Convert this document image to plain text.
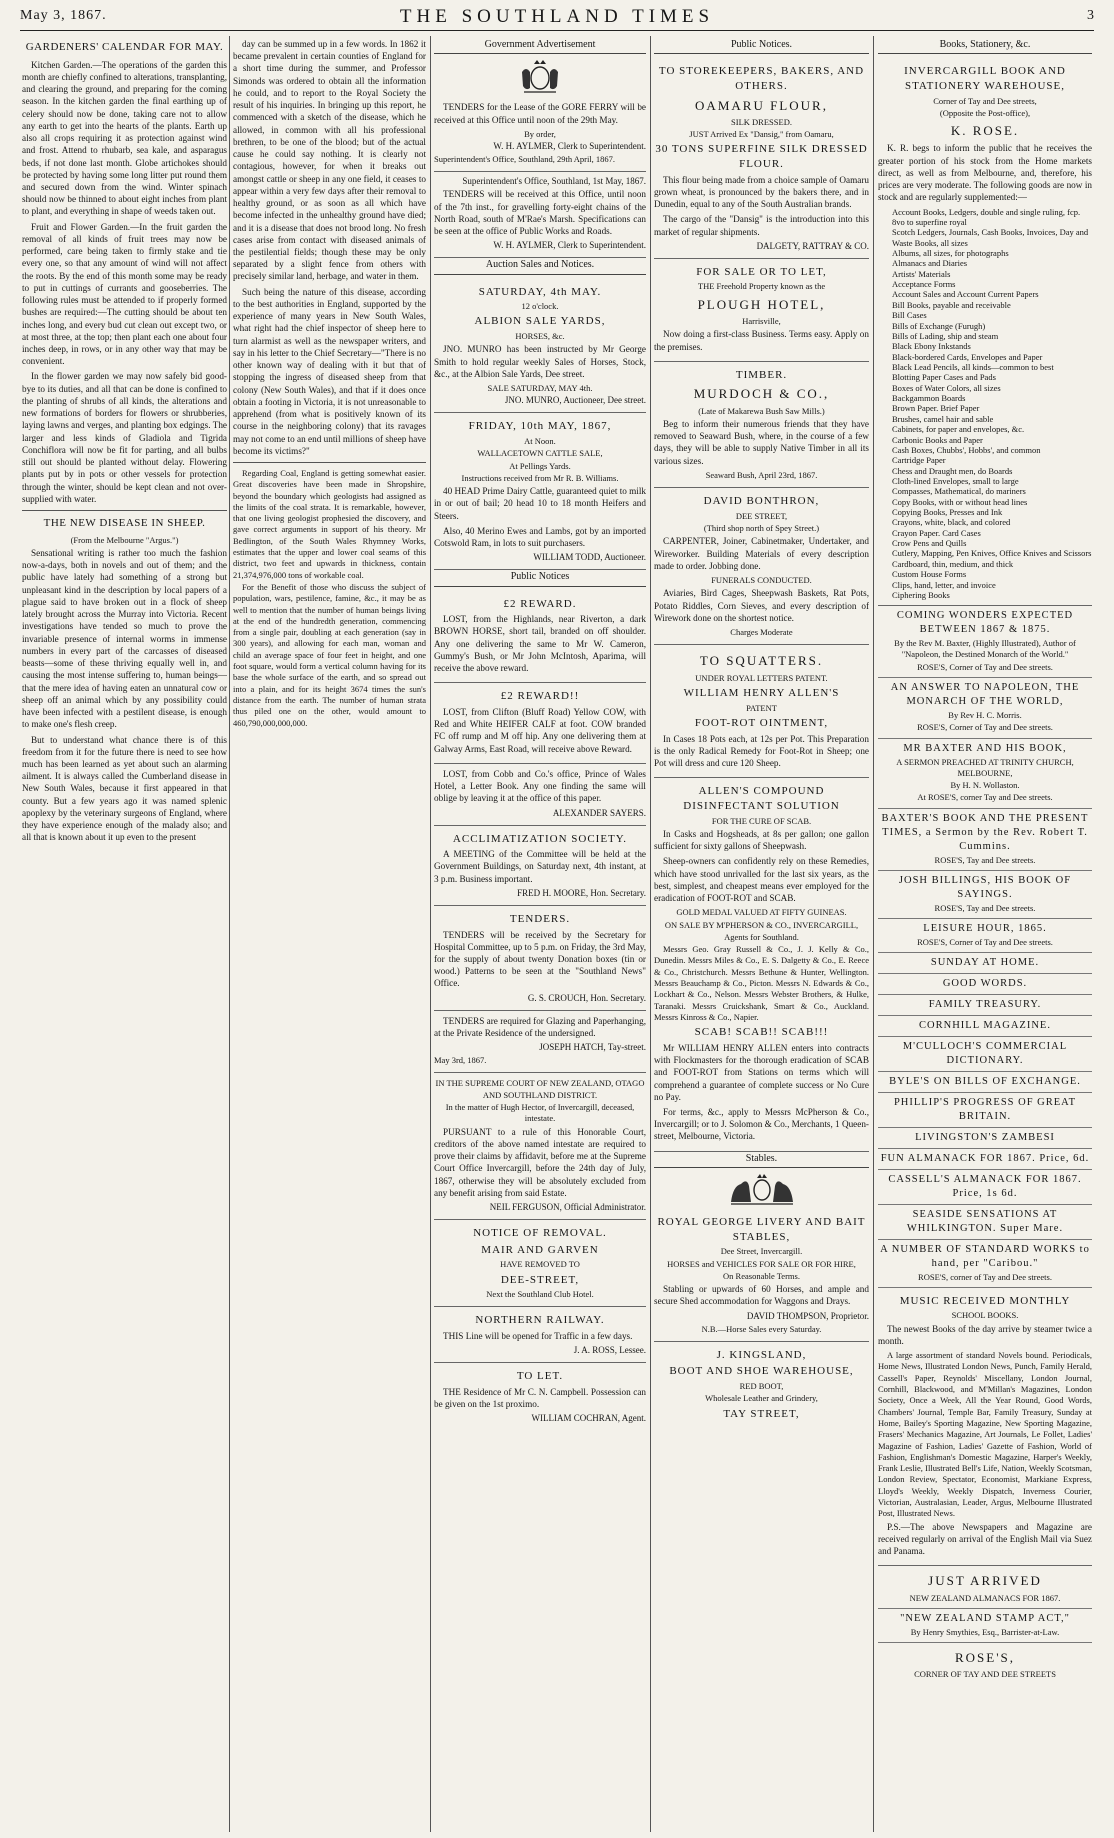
May 3, 1867.	THE SOUTHLAND TIMES	3
GARDENERS' CALENDAR FOR MAY.

Kitchen Garden.—The operations of the garden this month are chiefly confined to alterations, transplanting, and clearing the ground, and preparing for the coming season. In the kitchen garden the final earthing up of celery should now be done, taking care not to allow any earth to get into the hearts of the plants. Earth up also all crops requiring it as protection against wind and frost. Attend to rhubarb, sea kale, and asparagus beds, if not done last month. Globe artichokes should be protected by having some long litter put round them and secured down from the wind. Winter spinach should now be thinned to about eight inches from plant to plant, and everything in shape of weeds taken out.

Fruit and Flower Garden.—In the fruit garden the removal of all kinds of fruit trees may now be performed, care being taken to firmly stake and tie every one, so that any amount of wind will not affect the roots. By the end of this month some may be ready to put in cuttings of currants and gooseberries. The following rules must be attended to if properly formed bushes are required:—The cutting should be about ten inches long, and every bud cut clean out except two, or at most three, at the top; then plant each one about four inches deep, in rows, or in any other way that may be convenient.

In the flower garden we may now safely bid good-bye to its duties, and all that can be done is confined to the planting of shrubs of all kinds, the alterations and new formations of borders for flowers or shrubberies, laying lawns and verges, and planting box edgings. The larger and less kinds of Gladiola and Tigrida Conchiflora will now be fit for parting, and all bulbs still out should be planted without delay. Flowering plants put by in pots or other vessels for protection through the winter, should be kept clean and not over-supplied with water.

THE NEW DISEASE IN SHEEP.
(From the Melbourne "Argus.")

Sensational writing is rather too much the fashion now-a-days, both in novels and out of them; and the public have lately had something of a strong but unpleasant kind in the description by local papers of a plague said to have broken out in a flock of sheep lately brought across the Murray into Victoria. Recent investigations have tended so much to prove the invariable presence of internal worms in immense numbers in every part of the carcasses of diseased beasts—some of these thriving equally well in, and causing the most intense suffering to, human beings—that the mere idea of having eaten an unnatural cow or sheep off an animal which by any possibility could have been infected with a pestilent disease, is enough to make one's flesh creep.

But to understand what chance there is of this freedom from it for the future there is need to see how much has been learned as yet about such an alarming ailment. It is always called the Cumberland disease in New South Wales, because it first appeared in that county. But a few years ago it was named splenic apoplexy by the veterinary surgeons of England, where they have experience enough of the malady also; and all that is known about it up even to the present

day can be summed up in a few words. In 1862 it became prevalent in certain counties of England for a short time during the summer, and Professor Simonds was ordered to obtain all the information he could, and to report to the Royal Society the result of his inquiries. In bringing up this report, he commenced with a sketch of the disease, which he allowed, in common with all his professional brethren, to be one of the blood; but of the actual cause he could say nothing. It is clearly not contagious, however, for when it breaks out amongst cattle or sheep in any one field, it ceases to appear within a very few days after their removal to healthy ground, or as soon as all which have become infected in the unhealthy ground have died; and it is a disease that does not brood long. No fresh cases arise from contact with diseased animals of the pestilential fields; though these may be only separated by a slight fence from others with precisely similar land, herbage, and water in them.

Such being the nature of this disease, according to the best authorities in England, supported by the experience of many years in New South Wales, what right had the chief inspector of sheep here to turn alarmist as well as the newspaper writers, and say in his letter to the Chief Secretary—"There is no other known way of dealing with it but that of stopping the ingress of diseased sheep from that colony (New South Wales), and that if it does once obtain a footing in Victoria, it is not unreasonable to apprehend (from what is positively known of its course in the neighboring colony) that its ravages may not come to an end until millions of sheep have become its victims?"

Regarding Coal, England is getting somewhat easier. Great discoveries have been made in Shropshire, beyond the boundary which geologists had assigned as the limits of the coal strata. It is remarkable, however, that one living geologist prophesied the discovery, and gave correct arguments in support of his theory. Mr Bedlington, of the South Wales Rhymney Works, estimates that the upper and lower coal seams of this district, two feet and upwards in thickness, contain 21,374,976,000 tons of workable coal.

For the Benefit of those who discuss the subject of population, wars, pestilence, famine, &c., it may be as well to mention that the number of human beings living at the end of the hundredth generation, commencing from a single pair, doubling at each generation (say in 300 years), and allowing for each man, woman and child an average space of four feet in height, and one foot square, would form a vertical column having for its base the whole surface of the earth, and so spread out into a plain, and for its height 3674 times the sun's distance from the earth. The number of human strata thus piled one on the other, would amount to 460,790,000,000,000.

Government Advertisement

TENDERS for the Lease of the GORE FERRY will be received at this Office until noon of the 29th May.

By order,
W. H. AYLMER, Clerk to Superintendent.
Superintendent's Office, Southland, 29th April, 1867.
Superintendent's Office, Southland, 1st May, 1867.

TENDERS will be received at this Office, until noon of the 7th inst., for gravelling forty-eight chains of the North Road, south of M'Rae's Marsh. Specifications can be seen at the office of Public Works and Roads.

W. H. AYLMER, Clerk to Superintendent.
Auction Sales and Notices.
SATURDAY, 4th MAY.
12 o'clock.
ALBION SALE YARDS,
HORSES, &c.

JNO. MUNRO has been instructed by Mr George Smith to hold regular weekly Sales of Horses, Stock, &c., at the Albion Sale Yards, Dee street.

SALE SATURDAY, MAY 4th.
JNO. MUNRO, Auctioneer, Dee street.
FRIDAY, 10th MAY, 1867,
At Noon.
WALLACETOWN CATTLE SALE,
At Pellings Yards.
Instructions received from Mr R. B. Williams.

40 HEAD Prime Dairy Cattle, guaranteed quiet to milk in or out of bail; 20 head 10 to 18 month Heifers and Steers.

Also, 40 Merino Ewes and Lambs, got by an imported Cotswold Ram, in lots to suit purchasers.

WILLIAM TODD, Auctioneer.
Public Notices
£2 REWARD.

LOST, from the Highlands, near Riverton, a dark BROWN HORSE, short tail, branded on off shoulder. Any one delivering the same to Mr W. Cameron, Gummy's Bush, or Mr John McIntosh, Aparima, will receive the above reward.

£2 REWARD!!

LOST, from Clifton (Bluff Road) Yellow COW, with Red and White HEIFER CALF at foot. COW branded FC off rump and M off hip. Any one delivering them at Galway Arms, East Road, will receive above Reward.

LOST, from Cobb and Co.'s office, Prince of Wales Hotel, a Letter Book. Any one finding the same will oblige by leaving it at the office of this paper.

ALEXANDER SAYERS.
ACCLIMATIZATION SOCIETY.

A MEETING of the Committee will be held at the Government Buildings, on Saturday next, 4th instant, at 3 p.m. Business important.

FRED H. MOORE, Hon. Secretary.
TENDERS.

TENDERS will be received by the Secretary for Hospital Committee, up to 5 p.m. on Friday, the 3rd May, for the supply of about twenty Donation boxes (tin or wood.) Patterns to be seen at the "Southland News" Office.

G. S. CROUCH, Hon. Secretary.

TENDERS are required for Glazing and Paperhanging, at the Private Residence of the undersigned.

JOSEPH HATCH, Tay-street.
May 3rd, 1867.
IN THE SUPREME COURT OF NEW ZEALAND, OTAGO AND SOUTHLAND DISTRICT.
In the matter of Hugh Hector, of Invercargill, deceased, intestate.

PURSUANT to a rule of this Honorable Court, creditors of the above named intestate are required to prove their claims by affidavit, before me at the Supreme Court Office Invercargill, before the 24th day of July, 1867, otherwise they will be absolutely excluded from any benefit arising from said Estate.

NEIL FERGUSON, Official Administrator.
NOTICE OF REMOVAL.
MAIR AND GARVEN
HAVE REMOVED TO
DEE-STREET,
Next the Southland Club Hotel.
NORTHERN RAILWAY.

THIS Line will be opened for Traffic in a few days.

J. A. ROSS, Lessee.
TO LET.

THE Residence of Mr C. N. Campbell. Possession can be given on the 1st proximo.

WILLIAM COCHRAN, Agent.
Public Notices.
TO STOREKEEPERS, BAKERS, AND OTHERS.
OAMARU FLOUR,
SILK DRESSED.
JUST Arrived Ex "Dansig," from Oamaru,
30 TONS SUPERFINE SILK DRESSED FLOUR.

This flour being made from a choice sample of Oamaru grown wheat, is pronounced by the bakers there, and in Dunedin, equal to any of the South Australian brands.

The cargo of the "Dansig" is the introduction into this market of regular shipments.

DALGETY, RATTRAY & CO.
FOR SALE OR TO LET,
THE Freehold Property known as the
PLOUGH HOTEL,
Harrisville,

Now doing a first-class Business. Terms easy. Apply on the premises.

TIMBER.
MURDOCH & CO.,
(Late of Makarewa Bush Saw Mills.)

Beg to inform their numerous friends that they have removed to Seaward Bush, where, in the course of a few days, they will be able to supply Native Timber in all its various sizes.

Seaward Bush, April 23rd, 1867.
DAVID BONTHRON,
DEE STREET,
(Third shop north of Spey Street.)

CARPENTER, Joiner, Cabinetmaker, Undertaker, and Wireworker. Building Materials of every description made to order. Jobbing done.

FUNERALS CONDUCTED.

Aviaries, Bird Cages, Sheepwash Baskets, Rat Pots, Potato Riddles, Corn Sieves, and every description of Wirework done on the shortest notice.

Charges Moderate
TO SQUATTERS.
UNDER ROYAL LETTERS PATENT.
WILLIAM HENRY ALLEN'S
PATENT
FOOT-ROT OINTMENT,

In Cases 18 Pots each, at 12s per Pot. This Preparation is the only Radical Remedy for Foot-Rot in Sheep; one Pot will dress and cure 120 Sheep.

ALLEN'S COMPOUND DISINFECTANT SOLUTION
FOR THE CURE OF SCAB.

In Casks and Hogsheads, at 8s per gallon; one gallon sufficient for sixty gallons of Sheepwash.

Sheep-owners can confidently rely on these Remedies, which have stood unrivalled for the last six years, as the best, simplest, and cheapest means ever employed for the eradication of FOOT-ROT and SCAB.

GOLD MEDAL VALUED AT FIFTY GUINEAS.
ON SALE BY M'PHERSON & CO., INVERCARGILL,
Agents for Southland.

Messrs Geo. Gray Russell & Co., J. J. Kelly & Co., Dunedin. Messrs Miles & Co., E. S. Dalgetty & Co., E. Reece & Co., Christchurch. Messrs Bethune & Hunter, Wellington. Messrs Beauchamp & Co., Picton. Messrs N. Edwards & Co., Lockhart & Co., Nelson. Messrs Webster Brothers, & Hulke, Taranaki. Messrs Cruickshank, Smart & Co., Auckland. Messrs Kinross & Co., Napier.

SCAB! SCAB!! SCAB!!!

Mr WILLIAM HENRY ALLEN enters into contracts with Flockmasters for the thorough eradication of SCAB and FOOT-ROT from Stations on terms which will comprehend a guarantee of complete success or No Cure no Pay.

For terms, &c., apply to Messrs McPherson & Co., Invercargill; or to J. Solomon & Co., Merchants, 1 Queen-street, Melbourne, Victoria.

Stables.
ROYAL GEORGE LIVERY AND BAIT STABLES,
Dee Street, Invercargill.
HORSES and VEHICLES FOR SALE OR FOR HIRE,
On Reasonable Terms.

Stabling or upwards of 60 Horses, and ample and secure Shed accommodation for Waggons and Drays.

DAVID THOMPSON, Proprietor.
N.B.—Horse Sales every Saturday.
J. KINGSLAND,
BOOT AND SHOE WAREHOUSE,
RED BOOT,
Wholesale Leather and Grindery,
TAY STREET,
Books, Stationery, &c.
INVERCARGILL BOOK AND STATIONERY WAREHOUSE,
Corner of Tay and Dee streets,
(Opposite the Post-office),
K. ROSE.

K. R. begs to inform the public that he receives the greater portion of his stock from the Home markets direct, as well as from Melbourne, and, therefore, his prices are very moderate. The following goods are now in stock and are regularly supplemented:—

Account Books, Ledgers, double and single ruling, fcp. 8vo to superfine royal
Scotch Ledgers, Journals, Cash Books, Invoices, Day and Waste Books, all sizes
Albums, all sizes, for photographs
Almanacs and Diaries
Artists' Materials
Acceptance Forms
Account Sales and Account Current Papers
Bill Books, payable and receivable
Bill Cases
Bills of Exchange (Furugh)
Bills of Lading, ship and steam
Black Ebony Inkstands
Black-bordered Cards, Envelopes and Paper
Black Lead Pencils, all kinds—common to best
Blotting Paper Cases and Pads
Boxes of Water Colors, all sizes
Backgammon Boards
Brown Paper. Brief Paper
Brushes, camel hair and sable
Cabinets, for paper and envelopes, &c.
Carbonic Books and Paper
Cash Boxes, Chubbs', Hobbs', and common
Cartridge Paper
Chess and Draught men, do Boards
Cloth-lined Envelopes, small to large
Compasses, Mathematical, do mariners
Copy Books, with or without head lines
Copying Books, Presses and Ink
Crayons, white, black, and colored
Crayon Paper. Card Cases
Crow Pens and Quills
Cutlery, Mapping, Pen Knives, Office Knives and Scissors
Cardboard, thin, medium, and thick
Custom House Forms
Clips, hand, letter, and invoice
Ciphering Books
COMING WONDERS EXPECTED BETWEEN 1867 & 1875.
By the Rev M. Baxter, (Highly Illustrated), Author of "Napoleon, the Destined Monarch of the World."
ROSE'S, Corner of Tay and Dee streets.
AN ANSWER TO NAPOLEON, THE MONARCH OF THE WORLD,
By Rev H. C. Morris.
ROSE'S, Corner of Tay and Dee streets.
MR BAXTER AND HIS BOOK,
A SERMON PREACHED AT TRINITY CHURCH, MELBOURNE,
By H. N. Wollaston.
At ROSE'S, corner Tay and Dee streets.
BAXTER'S BOOK AND THE PRESENT TIMES, a Sermon by the Rev. Robert T. Cummins.
ROSE'S, Tay and Dee streets.
JOSH BILLINGS, HIS BOOK OF SAYINGS.
ROSE'S, Tay and Dee streets.
LEISURE HOUR, 1865.
ROSE'S, Corner of Tay and Dee streets.
SUNDAY AT HOME.
GOOD WORDS.
FAMILY TREASURY.
CORNHILL MAGAZINE.
M'CULLOCH'S COMMERCIAL DICTIONARY.
BYLE'S ON BILLS OF EXCHANGE.
PHILLIP'S PROGRESS OF GREAT BRITAIN.
LIVINGSTON'S ZAMBESI
FUN ALMANACK FOR 1867. Price, 6d.
CASSELL'S ALMANACK FOR 1867. Price, 1s 6d.
SEASIDE SENSATIONS AT WHILKINGTON. Super Mare.
A NUMBER OF STANDARD WORKS to hand, per "Caribou."
ROSE'S, corner of Tay and Dee streets.
MUSIC RECEIVED MONTHLY
SCHOOL BOOKS.

The newest Books of the day arrive by steamer twice a month.

A large assortment of standard Novels bound. Periodicals, Home News, Illustrated London News, Punch, Family Herald, Cassell's Paper, Reynolds' Miscellany, London Journal, Cornhill, Blackwood, and M'Millan's Magazines, London Society, Once a Week, All the Year Round, Good Words, Chambers' Journal, Temple Bar, Family Treasury, Sunday at Home, Bailey's Sporting Magazine, New Sporting Magazine, Frasers' Mechanics Magazine, Art Journals, Le Follet, Ladies' Magazine of Fashion, Ladies' Gazette of Fashion, World of Fashion, Englishman's Domestic Magazine, Harper's Weekly, Frank Leslie, Illustrated Bell's Life, Nation, Weekly Scotsman, London Review, Spectator, Economist, Markiane Express, Lloyd's Weekly, Weekly Dispatch, Inverness Courier, Victorian, Australasian, Leader, Argus, Melbourne Illustrated Post, Illustrated News.

P.S.—The above Newspapers and Magazine are received regularly on arrival of the English Mail via Suez and Panama.

JUST ARRIVED
NEW ZEALAND ALMANACS FOR 1867.
"NEW ZEALAND STAMP ACT,"
By Henry Smythies, Esq., Barrister-at-Law.
ROSE'S,
CORNER OF TAY AND DEE STREETS
